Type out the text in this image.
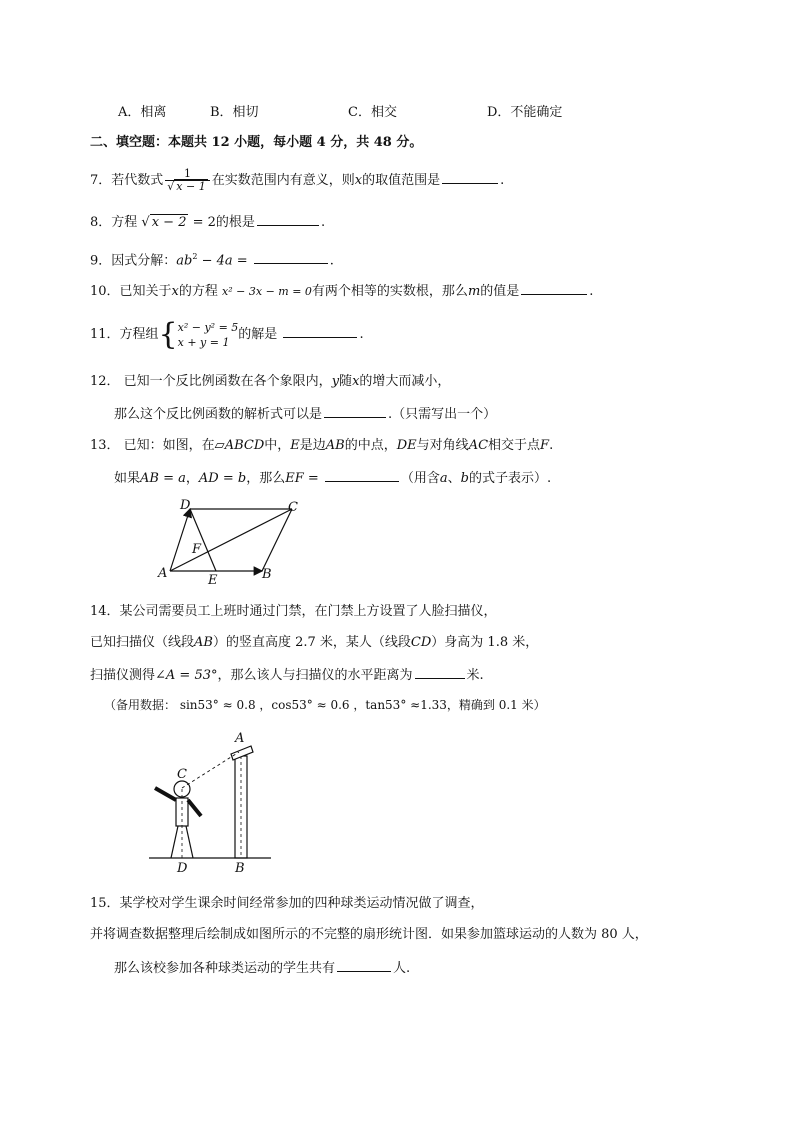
A．相离	B．相切	C．相交	D．不能确定
二、填空题：本题共 12 小题，每小题 4 分，共 48 分。
7．若代数式 $\frac{1}{√ x - 1}$ 在实数范围内有意义，则x的取值范围是	.
8．方程 √ x − 2 = 2的根是	.
9．因式分解：$ab^2 - 4a$ =	.
10．已知关于x的方程 x² − 3x − m = 0有两个相等的实数根，那么m的值是	.
11．方程组{ x² − y² = 5
x + y = 1 的解是	.
12． 已知一个反比例函数在各个象限内，y随x的增大而减小，
那么这个反比例函数的解析式可以是	.（只需写出一个）
13． 已知：如图，在▱ABCD中，E是边AB的中点，DE与对角线AC相交于点F.
如果AB = a，AD = b，那么EF =	（用含a、b的式子表示）.
D	C
F
A	E	B
14．某公司需要员工上班时通过门禁，在门禁上方设置了人脸扫描仪，
已知扫描仪（线段AB）的竖直高度 2.7 米，某人（线段CD）身高为 1.8 米，
扫描仪测得∠A = 53°，那么该人与扫描仪的水平距离为	米.
（备用数据： sin53° ≈ 0.8 ，cos53° ≈ 0.6 ，tan53° ≈1.33，精确到 0.1 米）
A
C
D	B
15．某学校对学生课余时间经常参加的四种球类运动情况做了调查，
并将调查数据整理后绘制成如图所示的不完整的扇形统计图．如果参加篮球运动的人数为 80 人，
那么该校参加各种球类运动的学生共有	人.
